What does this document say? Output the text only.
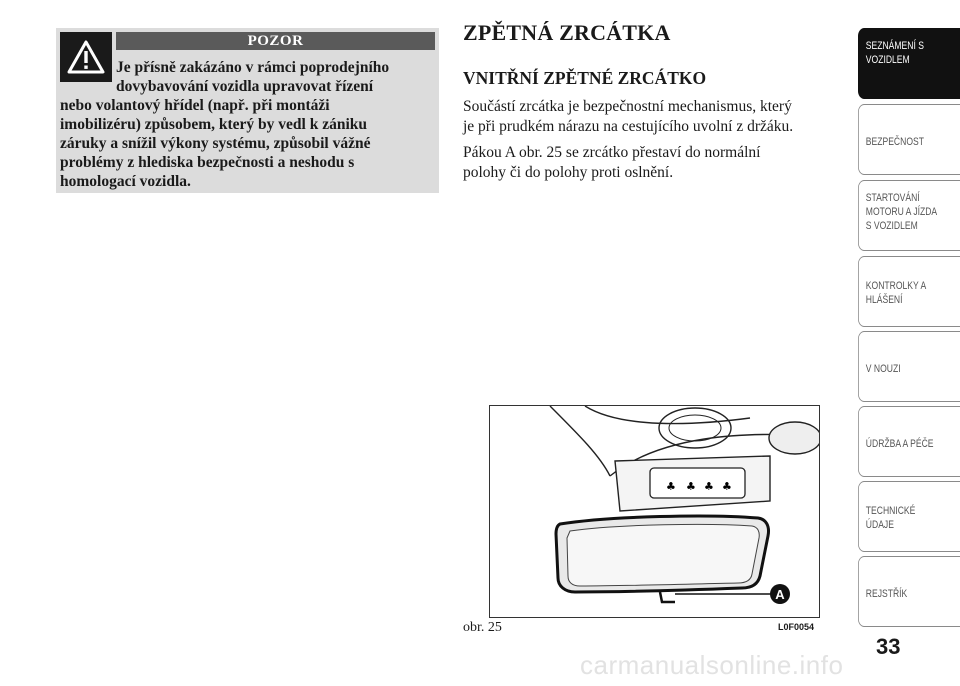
POZOR

Je přísně zakázáno v rámci poprodejního

dovybavování vozidla upravovat řízení

nebo volantový hřídel (např. při montáži

imobilizéru) způsobem, který by vedl k zániku

záruky a snížil výkony systému, způsobil vážné

problémy z hlediska bezpečnosti a neshodu s

homologací vozidla.

ZPĚTNÁ ZRCÁTKA
VNITŘNÍ ZPĚTNÉ ZRCÁTKO

Součástí zrcátka je bezpečnostní mechanismus, který
je při prudkém nárazu na cestujícího uvolní z držáku.

Pákou A obr. 25 se zrcátko přestaví do normální
polohy či do polohy proti oslnění.

♣ ♣ ♣ ♣
A
obr. 25	L0F0054
SEZNÁMENÍ S
VOZIDLEM
BEZPEČNOST
STARTOVÁNÍ
MOTORU A JÍZDA
S VOZIDLEM
KONTROLKY A
HLÁŠENÍ
V NOUZI
ÚDRŽBA A PÉČE
TECHNICKÉ
ÚDAJE
REJSTŘÍK
33
carmanualsonline.info
